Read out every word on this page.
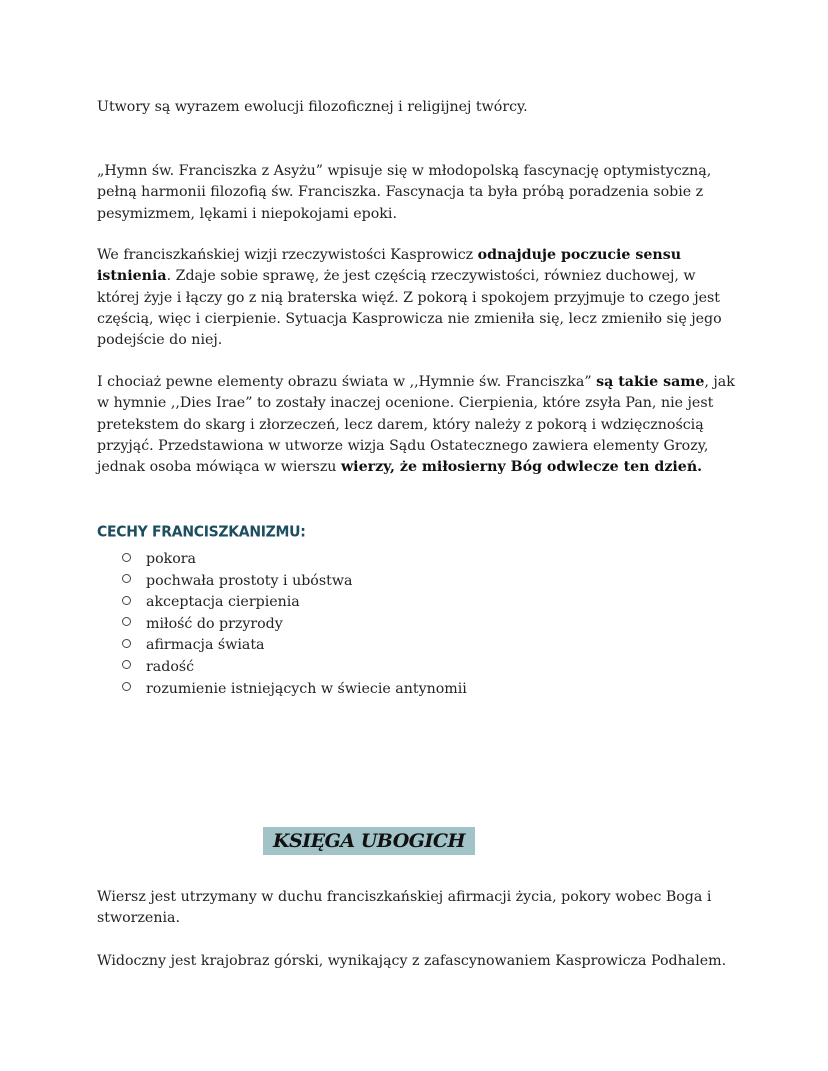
Utwory są wyrazem ewolucji filozoficznej i religijnej twórcy.
„Hymn św. Franciszka z Asyżu” wpisuje się w młodopolską fascynację optymistyczną,
pełną harmonii filozofią św. Franciszka. Fascynacja ta była próbą poradzenia sobie z
pesymizmem, lękami i niepokojami epoki.
We franciszkańskiej wizji rzeczywistości Kasprowicz odnajduje poczucie sensu
istnienia. Zdaje sobie sprawę, że jest częścią rzeczywistości, równiez duchowej, w
której żyje i łączy go z nią braterska więź. Z pokorą i spokojem przyjmuje to czego jest
częścią, więc i cierpienie. Sytuacja Kasprowicza nie zmieniła się, lecz zmieniło się jego
podejście do niej.
I chociaż pewne elementy obrazu świata w ,,Hymnie św. Franciszka” są takie same, jak
w hymnie ,,Dies Irae” to zostały inaczej ocenione. Cierpienia, które zsyła Pan, nie jest
pretekstem do skarg i złorzeczeń, lecz darem, który należy z pokorą i wdzięcznością
przyjąć. Przedstawiona w utworze wizja Sądu Ostatecznego zawiera elementy Grozy,
jednak osoba mówiąca w wierszu wierzy, że miłosierny Bóg odwlecze ten dzień.
CECHY FRANCISZKANIZMU:
pokora
pochwała prostoty i ubóstwa
akceptacja cierpienia
miłość do przyrody
afirmacja świata
radość
rozumienie istniejących w świecie antynomii
KSIĘGA UBOGICH
Wiersz jest utrzymany w duchu franciszkańskiej afirmacji życia, pokory wobec Boga i
stworzenia.
Widoczny jest krajobraz górski, wynikający z zafascynowaniem Kasprowicza Podhalem.
